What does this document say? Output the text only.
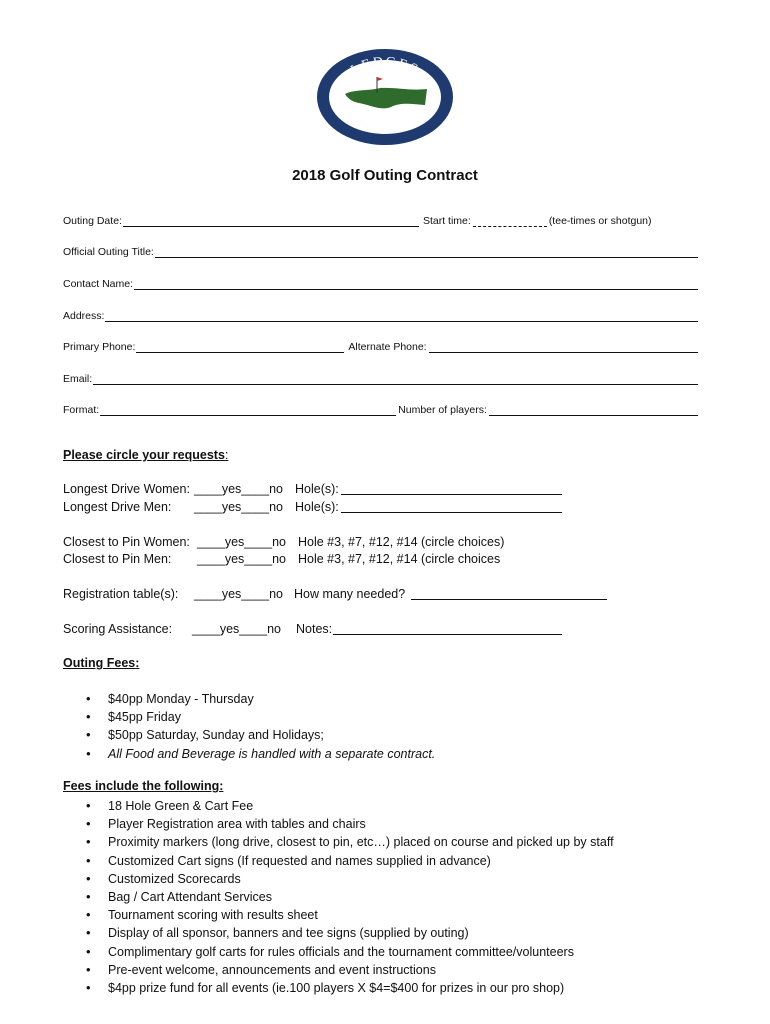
LEDGES
Golf Club
2018 Golf Outing Contract
Outing Date:	Start time:	(tee-times or shotgun)
Official Outing Title:
Contact Name:
Address:
Primary Phone:	Alternate Phone:
Email:
Format:	Number of players:
Please circle your requests:
Longest Drive Women: ____yes____no Hole(s):
Longest Drive Men: ____yes____no Hole(s):
Closest to Pin Women: ____yes____no Hole #3, #7, #12, #14 (circle choices)
Closest to Pin Men: ____yes____no Hole #3, #7, #12, #14 (circle choices
Registration table(s): ____yes____no How many needed?
Scoring Assistance: ____yes____no Notes:
Outing Fees:
• $40pp Monday - Thursday
• $45pp Friday
• $50pp Saturday, Sunday and Holidays;
• All Food and Beverage is handled with a separate contract.
Fees include the following:
• 18 Hole Green & Cart Fee
• Player Registration area with tables and chairs
• Proximity markers (long drive, closest to pin, etc…) placed on course and picked up by staff
• Customized Cart signs (If requested and names supplied in advance)
• Customized Scorecards
• Bag / Cart Attendant Services
• Tournament scoring with results sheet
• Display of all sponsor, banners and tee signs (supplied by outing)
• Complimentary golf carts for rules officials and the tournament committee/volunteers
• Pre-event welcome, announcements and event instructions
• $4pp prize fund for all events (ie.100 players X $4=$400 for prizes in our pro shop)
